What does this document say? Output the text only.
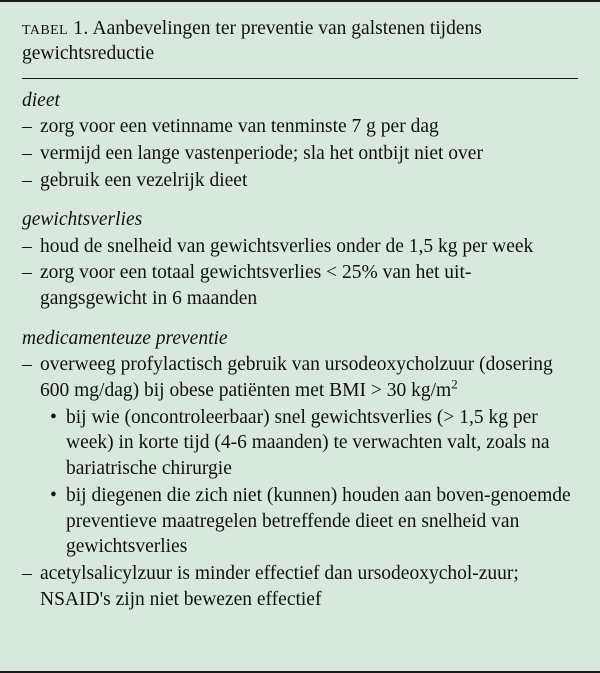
tabel 1. Aanbevelingen ter preventie van galstenen tijdens gewichtsreductie
dieet
– zorg voor een vetinname van tenminste 7 g per dag
– vermijd een lange vastenperiode; sla het ontbijt niet over
– gebruik een vezelrijk dieet
gewichtsverlies
– houd de snelheid van gewichtsverlies onder de 1,5 kg per week
– zorg voor een totaal gewichtsverlies < 25% van het uit-gangsgewicht in 6 maanden
medicamenteuze preventie
– overweeg profylactisch gebruik van ursodeoxycholzuur (dosering 600 mg/dag) bij obese patiënten met BMI > 30 $kg/m^2$
• bij wie (oncontroleerbaar) snel gewichtsverlies (> 1,5 kg per week) in korte tijd (4-6 maanden) te verwachten valt, zoals na bariatrische chirurgie
• bij diegenen die zich niet (kunnen) houden aan boven-genoemde preventieve maatregelen betreffende dieet en snelheid van gewichtsverlies
– acetylsalicylzuur is minder effectief dan ursodeoxychol-zuur; NSAID's zijn niet bewezen effectief
